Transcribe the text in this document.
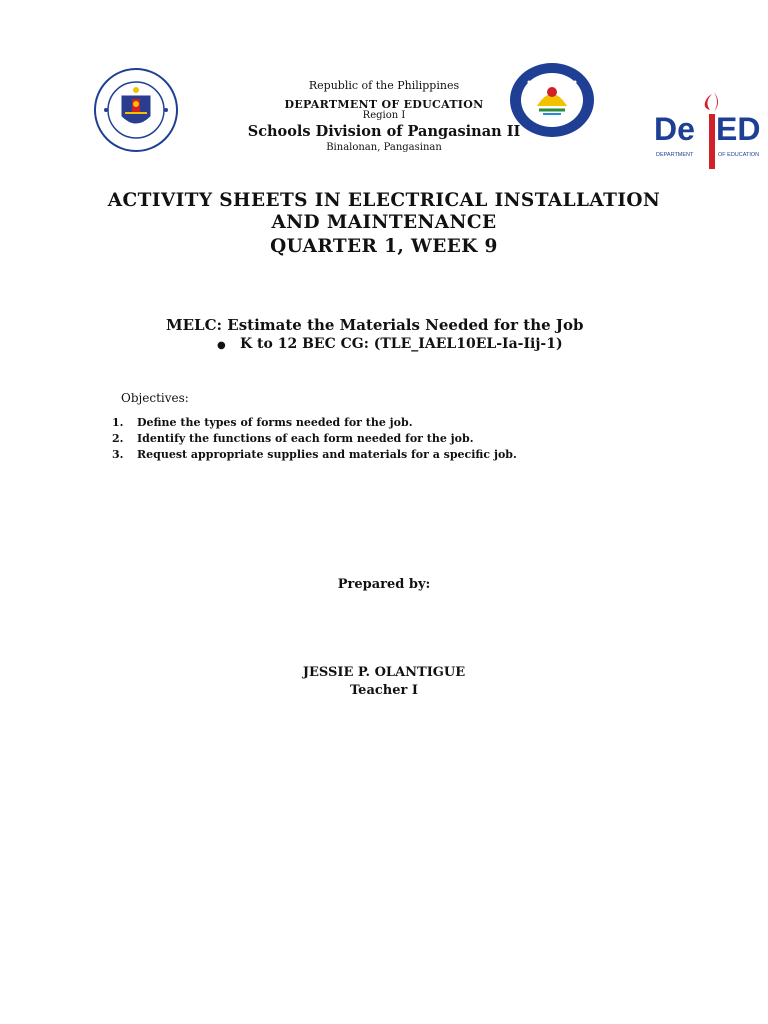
De ED
DEPARTMENT	OF EDUCATION
Republic of the Philippines
DEPARTMENT OF EDUCATION
Region I
Schools Division of Pangasinan II
Binalonan, Pangasinan
ACTIVITY SHEETS IN ELECTRICAL INSTALLATION
AND MAINTENANCE
QUARTER 1, WEEK 9
MELC: Estimate the Materials Needed for the Job
● K to 12 BEC CG: (TLE_IAEL10EL-Ia-Iij-1)
Objectives:
1. Define the types of forms needed for the job.
2. Identify the functions of each form needed for the job.
3. Request appropriate supplies and materials for a specific job.
Prepared by:
JESSIE P. OLANTIGUE
Teacher I
